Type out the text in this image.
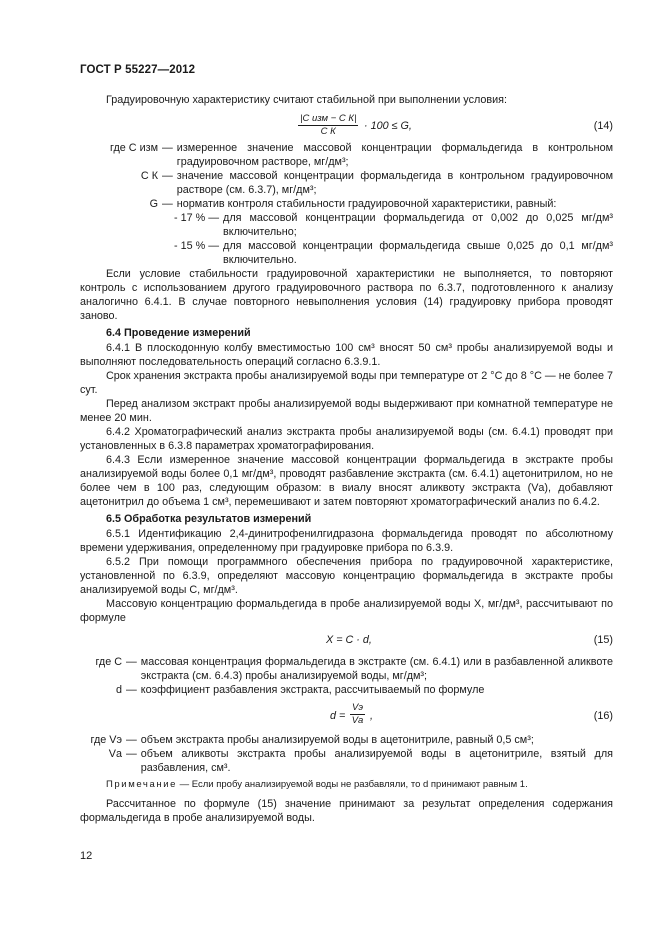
ГОСТ Р 55227—2012

Градуировочную характеристику считают стабильной при выполнении условия:

|C изм − C К|
C К	· 100 ≤ G,	(14)
где C изм — измеренное значение массовой концентрации формальдегида в контрольном градуировочном растворе, мг/дм³;
C К — значение массовой концентрации формальдегида в контрольном градуировочном растворе (см. 6.3.7), мг/дм³;
G — норматив контроля стабильности градуировочной характеристики, равный:
- 17 % — для массовой концентрации формальдегида от 0,002 до 0,025 мг/дм³ включительно;
- 15 % — для массовой концентрации формальдегида свыше 0,025 до 0,1 мг/дм³ включительно.

Если условие стабильности градуировочной характеристики не выполняется, то повторяют контроль с использованием другого градуировочного раствора по 6.3.7, подготовленного к анализу аналогично 6.4.1. В случае повторного невыполнения условия (14) градуировку прибора проводят заново.

6.4 Проведение измерений

6.4.1 В плоскодонную колбу вместимостью 100 см³ вносят 50 см³ пробы анализируемой воды и выполняют последовательность операций согласно 6.3.9.1.

Срок хранения экстракта пробы анализируемой воды при температуре от 2 °С до 8 °С — не более 7 сут.

Перед анализом экстракт пробы анализируемой воды выдерживают при комнатной температуре не менее 20 мин.

6.4.2 Хроматографический анализ экстракта пробы анализируемой воды (см. 6.4.1) проводят при установленных в 6.3.8 параметрах хроматографирования.

6.4.3 Если измеренное значение массовой концентрации формальдегида в экстракте пробы анализируемой воды более 0,1 мг/дм³, проводят разбавление экстракта (см. 6.4.1) ацетонитрилом, но не более чем в 100 раз, следующим образом: в виалу вносят аликвоту экстракта (Vа), добавляют ацетонитрил до объема 1 см³, перемешивают и затем повторяют хроматографический анализ по 6.4.2.

6.5 Обработка результатов измерений

6.5.1 Идентификацию 2,4-динитрофенилгидразона формальдегида проводят по абсолютному времени удерживания, определенному при градуировке прибора по 6.3.9.

6.5.2 При помощи программного обеспечения прибора по градуировочной характеристике, установленной по 6.3.9, определяют массовую концентрацию формальдегида в экстракте пробы анализируемой воды C, мг/дм³.

Массовую концентрацию формальдегида в пробе анализируемой воды X, мг/дм³, рассчитывают по формуле

X = C · d,	(15)
где C — массовая концентрация формальдегида в экстракте (см. 6.4.1) или в разбавленной аликвоте экстракта (см. 6.4.3) пробы анализируемой воды, мг/дм³;
d — коэффициент разбавления экстракта, рассчитываемый по формуле
d =
Vэ
Vа ,	(16)
где Vэ — объем экстракта пробы анализируемой воды в ацетонитриле, равный 0,5 см³;
Vа — объем аликвоты экстракта пробы анализируемой воды в ацетонитриле, взятый для разбавления, см³.

Примечание — Если пробу анализируемой воды не разбавляли, то d принимают равным 1.

Рассчитанное по формуле (15) значение принимают за результат определения содержания формальдегида в пробе анализируемой воды.

12
